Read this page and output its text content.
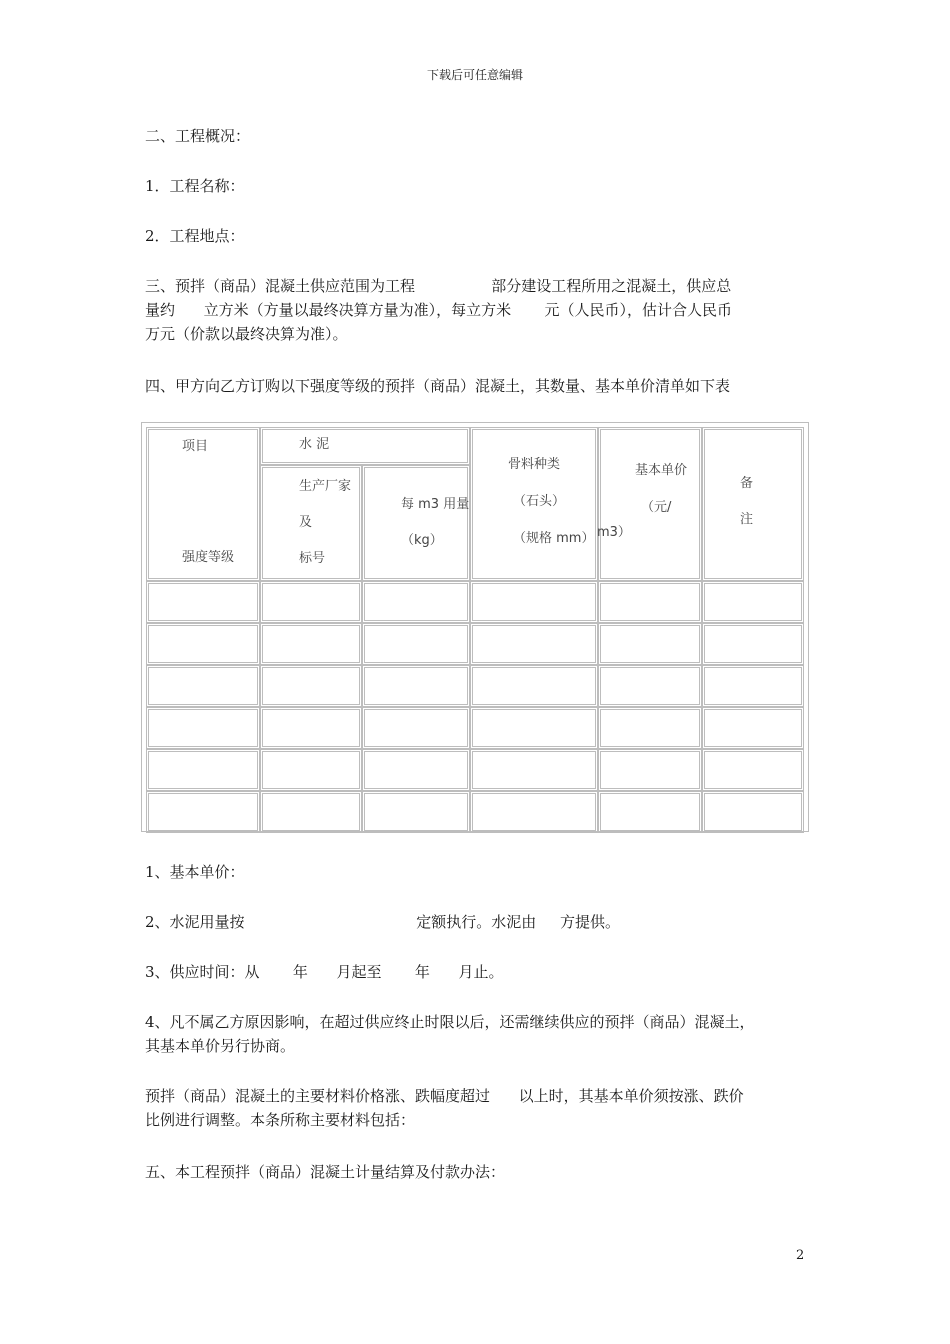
下载后可任意编辑
二、工程概况：
1．工程名称：
2．工程地点：
三、预拌（商品）混凝土供应范围为工程                部分建设工程所用之混凝土，供应总
量约      立方米（方量以最终决算方量为准），每立方米       元（人民币），估计合人民币
万元（价款以最终决算为准）。
四、甲方向乙方订购以下强度等级的预拌（商品）混凝土，其数量、基本单价清单如下表
项目
强度等级
水 泥
生产厂家
及
标号
每 m3 用量
（kg）
骨料种类
（石头）
（规格 mm）
基本单价
（元/
m3）
备
注
1、基本单价：
2、水泥用量按                                    定额执行。水泥由     方提供。
3、供应时间：从       年      月起至       年      月止。
4、凡不属乙方原因影响，在超过供应终止时限以后，还需继续供应的预拌（商品）混凝土，
其基本单价另行协商。
预拌（商品）混凝土的主要材料价格涨、跌幅度超过      以上时，其基本单价须按涨、跌价
比例进行调整。本条所称主要材料包括：
五、本工程预拌（商品）混凝土计量结算及付款办法：
2
